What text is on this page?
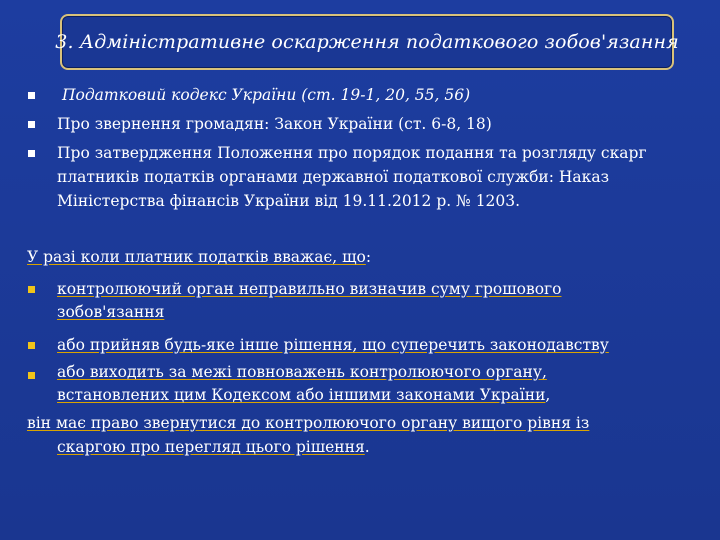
3. Адміністративне оскарження податкового зобов'язання
Податковий кодекс України (ст. 19-1, 20, 55, 56)
Про звернення громадян: Закон України (ст. 6-8, 18)
Про затвердження Положення про порядок подання та розгляду скарг
платників податків органами державної податкової служби: Наказ
Міністерства фінансів України від 19.11.2012 р. № 1203.
У разі коли платник податків вважає, що:
контролюючий орган неправильно визначив суму грошового
зобов'язання
або прийняв будь-яке інше рішення, що суперечить законодавству
або виходить за межі повноважень контролюючого органу,
встановлених цим Кодексом або іншими законами України,
він має право звернутися до контролюючого органу вищого рівня із
скаргою про перегляд цього рішення.
